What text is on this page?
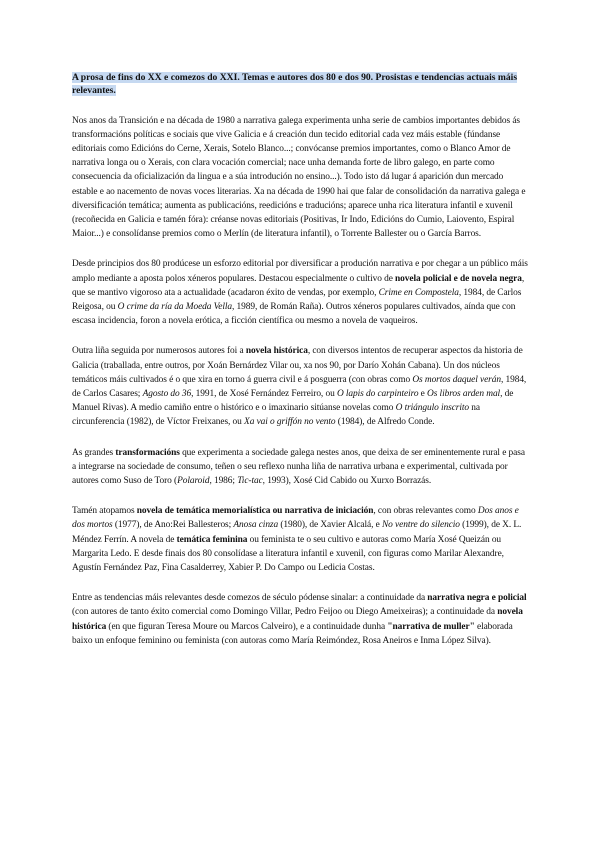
A prosa de fins do XX e comezos do XXI. Temas e autores dos 80 e dos 90. Prosistas e tendencias actuais máis relevantes.

Nos anos da Transición e na década de 1980 a narrativa galega experimenta unha serie de cambios importantes debidos ás transformacións políticas e sociais que vive Galicia e á creación dun tecido editorial cada vez máis estable (fúndanse editoriais como Edicións do Cerne, Xerais, Sotelo Blanco...; convócanse premios importantes, como o Blanco Amor de narrativa longa ou o Xerais, con clara vocación comercial; nace unha demanda forte de libro galego, en parte como consecuencia da oficialización da lingua e a súa introdución no ensino...). Todo isto dá lugar á aparición dun mercado estable e ao nacemento de novas voces literarias. Xa na década de 1990 hai que falar de consolidación da narrativa galega e diversificación temática; aumenta as publicacións, reedicións e traducións; aparece unha rica literatura infantil e xuvenil (recoñecida en Galicia e tamén fóra): créanse novas editoriais (Positivas, Ir Indo, Edicións do Cumio, Laiovento, Espiral Maior...) e consolídanse premios como o Merlín (de literatura infantil), o Torrente Ballester ou o García Barros.

Desde principios dos 80 prodúcese un esforzo editorial por diversificar a produción narrativa e por chegar a un público máis amplo mediante a aposta polos xéneros populares. Destacou especialmente o cultivo de novela policial e de novela negra, que se mantivo vigoroso ata a actualidade (acadaron éxito de vendas, por exemplo, Crime en Compostela, 1984, de Carlos Reigosa, ou O crime da ría da Moeda Vella, 1989, de Román Raña). Outros xéneros populares cultivados, aínda que con escasa incidencia, foron a novela erótica, a ficción científica ou mesmo a novela de vaqueiros.

Outra liña seguida por numerosos autores foi a novela histórica, con diversos intentos de recuperar aspectos da historia de Galicia (traballada, entre outros, por Xoán Bernárdez Vilar ou, xa nos 90, por Darío Xohán Cabana). Un dos núcleos temáticos máis cultivados é o que xira en torno á guerra civil e á posguerra (con obras como Os mortos daquel verán, 1984, de Carlos Casares; Agosto do 36, 1991, de Xosé Fernández Ferreiro, ou O lapis do carpinteiro e Os libros arden mal, de Manuel Rivas). A medio camiño entre o histórico e o imaxinario sitúanse novelas como O triángulo inscrito na circunferencia (1982), de Víctor Freixanes, ou Xa vai o griffón no vento (1984), de Alfredo Conde.

As grandes transformacións que experimenta a sociedade galega nestes anos, que deixa de ser eminentemente rural e pasa a integrarse na sociedade de consumo, teñen o seu reflexo nunha liña de narrativa urbana e experimental, cultivada por autores como Suso de Toro (Polaroid, 1986; Tic-tac, 1993), Xosé Cid Cabido ou Xurxo Borrazás.

Tamén atopamos novela de temática memorialística ou narrativa de iniciación, con obras relevantes como Dos anos e dos mortos (1977), de Ano:Rei Ballesteros; Anosa cinza (1980), de Xavier Alcalá, e No ventre do silencio (1999), de X. L. Méndez Ferrín. A novela de temática feminina ou feminista te o seu cultivo e autoras como María Xosé Queizán ou Margarita Ledo. E desde finais dos 80 consolídase a literatura infantil e xuvenil, con figuras como Marilar Alexandre, Agustín Fernández Paz, Fina Casalderrey, Xabier P. Do Campo ou Ledicia Costas.

Entre as tendencias máis relevantes desde comezos de século pódense sinalar: a continuidade da narrativa negra e policial (con autores de tanto éxito comercial como Domingo Villar, Pedro Feijoo ou Diego Ameixeiras); a continuidade da novela histórica (en que figuran Teresa Moure ou Marcos Calveiro), e a continuidade dunha "narrativa de muller" elaborada baixo un enfoque feminino ou feminista (con autoras como María Reimóndez, Rosa Aneiros e Inma López Silva).
